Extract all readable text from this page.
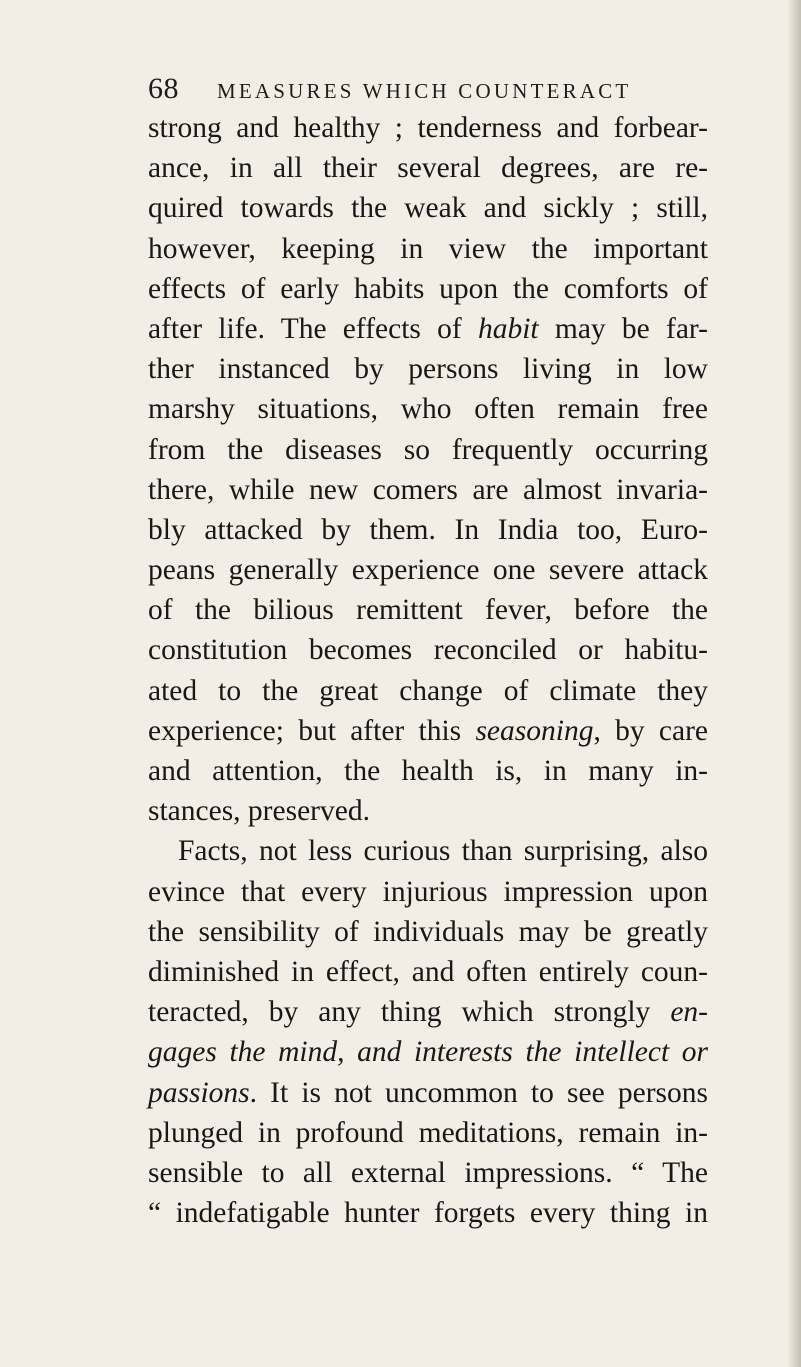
68 MEASURES WHICH COUNTERACT
strong and healthy ; tenderness and forbear-
ance, in all their several degrees, are re-
quired towards the weak and sickly ; still,
however, keeping in view the important
effects of early habits upon the comforts of
after life. The effects of habit may be far-
ther instanced by persons living in low
marshy situations, who often remain free
from the diseases so frequently occurring
there, while new comers are almost invaria-
bly attacked by them. In India too, Euro-
peans generally experience one severe attack
of the bilious remittent fever, before the
constitution becomes reconciled or habitu-
ated to the great change of climate they
experience; but after this seasoning, by care
and attention, the health is, in many in-
stances, preserved.
Facts, not less curious than surprising, also
evince that every injurious impression upon
the sensibility of individuals may be greatly
diminished in effect, and often entirely coun-
teracted, by any thing which strongly en-
gages the mind, and interests the intellect or
passions. It is not uncommon to see persons
plunged in profound meditations, remain in-
sensible to all external impressions. “ The
“ indefatigable hunter forgets every thing in
